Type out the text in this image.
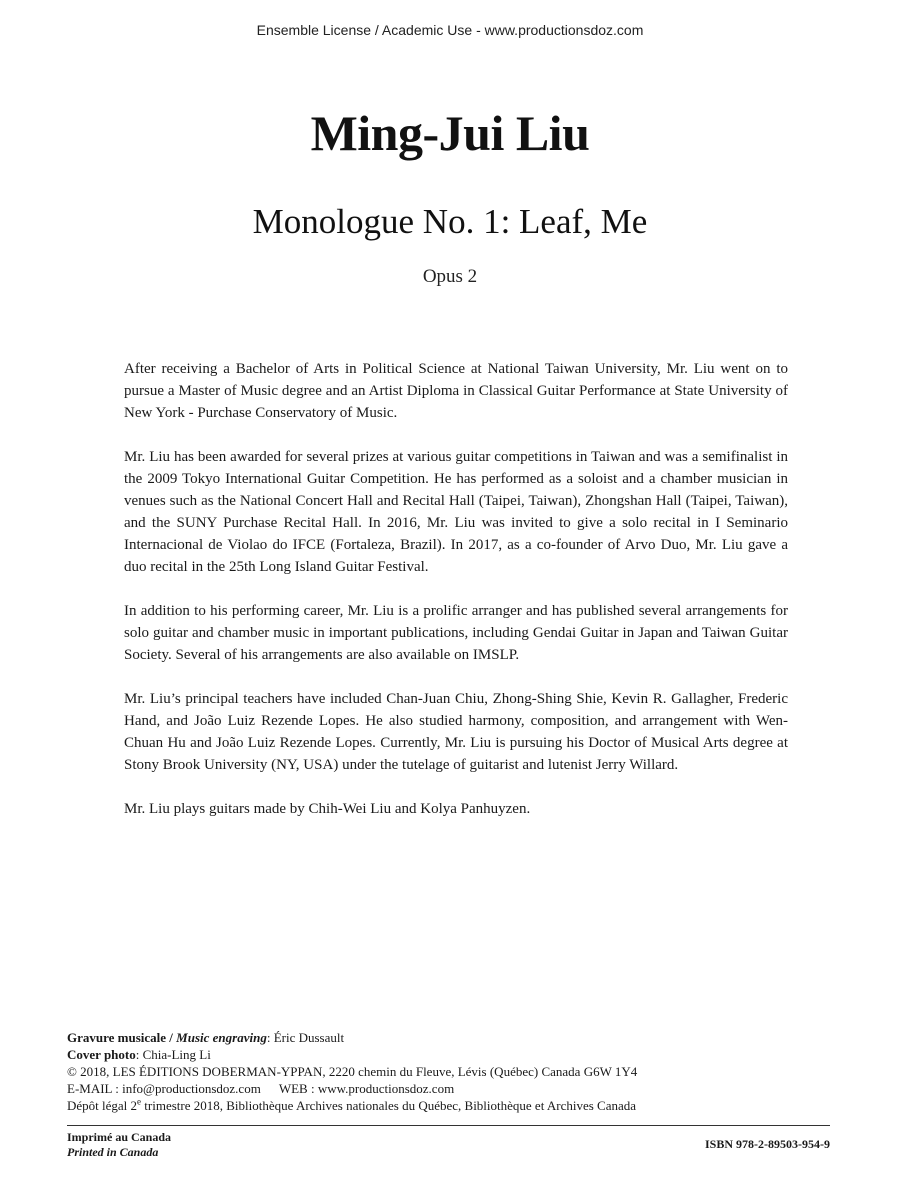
Ensemble License / Academic Use - www.productionsdoz.com
Ming-Jui Liu
Monologue No. 1: Leaf, Me
Opus 2

After receiving a Bachelor of Arts in Political Science at National Taiwan University, Mr. Liu went on to pursue a Master of Music degree and an Artist Diploma in Classical Guitar Performance at State University of New York - Purchase Conservatory of Music.

Mr. Liu has been awarded for several prizes at various guitar competitions in Taiwan and was a semifinalist in the 2009 Tokyo International Guitar Competition. He has performed as a soloist and a chamber musician in venues such as the National Concert Hall and Recital Hall (Taipei, Taiwan), Zhongshan Hall (Taipei, Taiwan), and the SUNY Purchase Recital Hall. In 2016, Mr. Liu was invited to give a solo recital in I Seminario Internacional de Violao do IFCE (Fortaleza, Brazil). In 2017, as a co-founder of Arvo Duo, Mr. Liu gave a duo recital in the 25th Long Island Guitar Festival.

In addition to his performing career, Mr. Liu is a prolific arranger and has published several arrangements for solo guitar and chamber music in important publications, including Gendai Guitar in Japan and Taiwan Guitar Society. Several of his arrangements are also available on IMSLP.

Mr. Liu’s principal teachers have included Chan-Juan Chiu, Zhong-Shing Shie, Kevin R. Gallagher, Frederic Hand, and João Luiz Rezende Lopes. He also studied harmony, composition, and arrangement with Wen-Chuan Hu and João Luiz Rezende Lopes. Currently, Mr. Liu is pursuing his Doctor of Musical Arts degree at Stony Brook University (NY, USA) under the tutelage of guitarist and lutenist Jerry Willard.

Mr. Liu plays guitars made by Chih-Wei Liu and Kolya Panhuyzen.

Gravure musicale / Music engraving: Éric Dussault
Cover photo: Chia-Ling Li
© 2018, LES ÉDITIONS DOBERMAN-YPPAN, 2220 chemin du Fleuve, Lévis (Québec) Canada G6W 1Y4
E-MAIL : info@productionsdoz.com WEB : www.productionsdoz.com
Dépôt légal 2e trimestre 2018, Bibliothèque Archives nationales du Québec, Bibliothèque et Archives Canada
Imprimé au Canada
Printed in Canada
ISBN 978-2-89503-954-9
